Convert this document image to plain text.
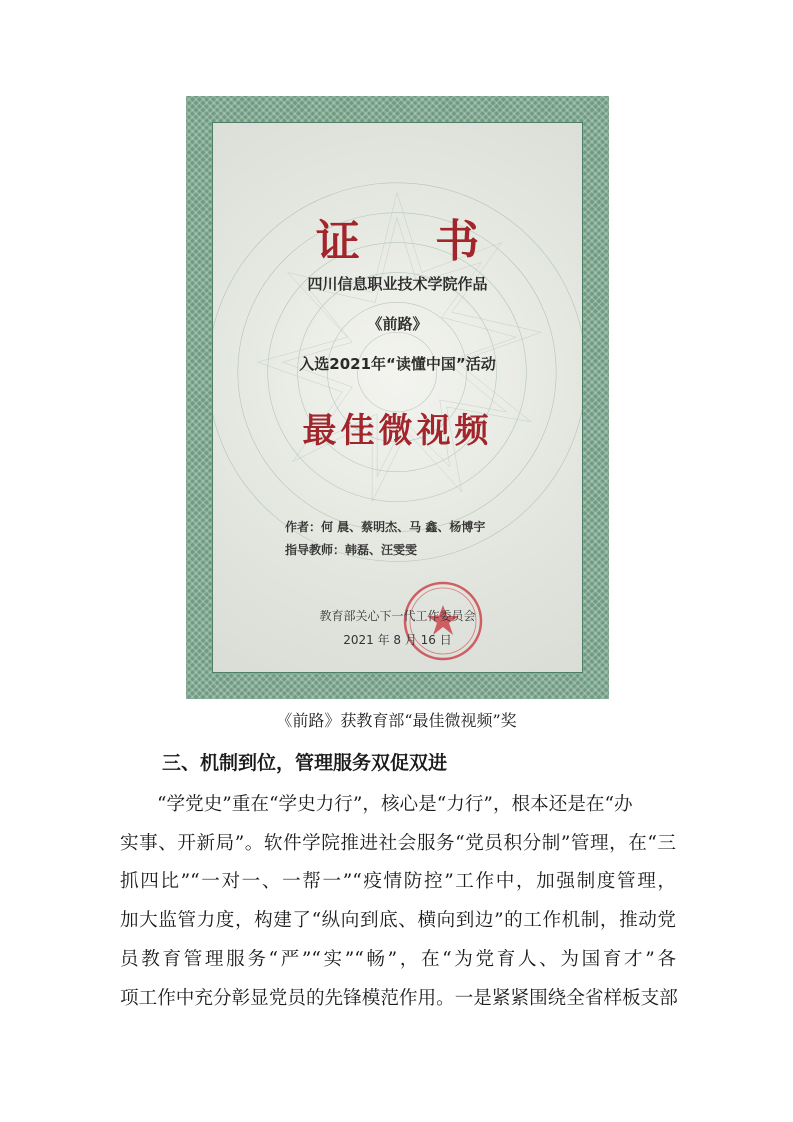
证 书
四川信息职业技术学院作品
《前路》
入选2021年“读懂中国”活动
最佳微视频
作者：何 晨、蔡明杰、马 鑫、杨博宇
指导教师：韩磊、汪雯雯
教育部关心下一代工作委员会
2021 年 8 月 16 日
《前路》获教育部“最佳微视频”奖
三、机制到位，管理服务双促双进
“学党史”重在“学史力行”，核心是“力行”，根本还是在“办
实事、开新局”。软件学院推进社会服务“党员积分制”管理，在“三
抓四比”“一对一、一帮一”“疫情防控”工作中，加强制度管理，
加大监管力度，构建了“纵向到底、横向到边”的工作机制，推动党
员教育管理服务“严”“实”“畅”，在“为党育人、为国育才”各
项工作中充分彰显党员的先锋模范作用。一是紧紧围绕全省样板支部
